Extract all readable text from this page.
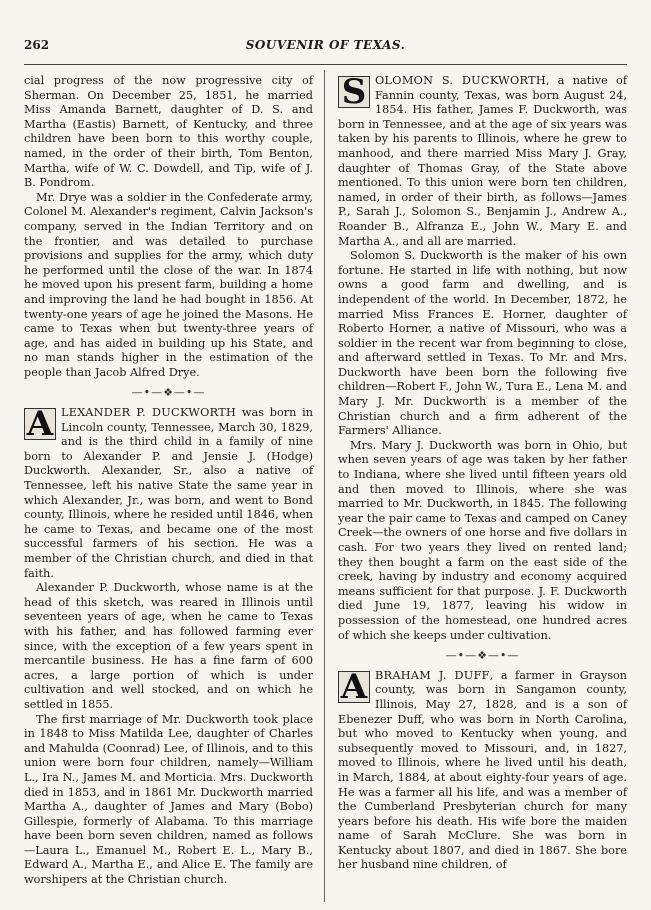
262	SOUVENIR OF TEXAS.

cial progress of the now progressive city of Sherman. On December 25, 1851, he married Miss Amanda Barnett, daughter of D. S. and Martha (Eastis) Barnett, of Kentucky, and three children have been born to this worthy couple, named, in the order of their birth, Tom Benton, Martha, wife of W. C. Dowdell, and Tip, wife of J. B. Pondrom.

Mr. Drye was a soldier in the Confederate army, Colonel M. Alexander's regiment, Calvin Jackson's company, served in the Indian Territory and on the frontier, and was detailed to purchase provisions and supplies for the army, which duty he performed until the close of the war. In 1874 he moved upon his present farm, building a home and improving the land he had bought in 1856. At twenty-one years of age he joined the Masons. He came to Texas when but twenty-three years of age, and has aided in building up his State, and no man stands higher in the estimation of the people than Jacob Alfred Drye.

—•—❖—•—

A LEXANDER P. DUCKWORTH was born in Lincoln county, Tennessee, March 30, 1829, and is the third child in a family of nine born to Alexander P. and Jensie J. (Hodge) Duckworth. Alexander, Sr., also a native of Tennessee, left his native State the same year in which Alexander, Jr., was born, and went to Bond county, Illinois, where he resided until 1846, when he came to Texas, and became one of the most successful farmers of his section. He was a member of the Christian church, and died in that faith.

Alexander P. Duckworth, whose name is at the head of this sketch, was reared in Illinois until seventeen years of age, when he came to Texas with his father, and has followed farming ever since, with the exception of a few years spent in mercantile business. He has a fine farm of 600 acres, a large portion of which is under cultivation and well stocked, and on which he settled in 1855.

The first marriage of Mr. Duckworth took place in 1848 to Miss Matilda Lee, daughter of Charles and Mahulda (Coonrad) Lee, of Illinois, and to this union were born four children, namely—William L., Ira N., James M. and Morticia. Mrs. Duckworth died in 1853, and in 1861 Mr. Duckworth married Martha A., daughter of James and Mary (Bobo) Gillespie, formerly of Alabama. To this marriage have been born seven children, named as follows—Laura L., Emanuel M., Robert E. L., Mary B., Edward A., Martha E., and Alice E. The family are worshipers at the Christian church.

S OLOMON S. DUCKWORTH, a native of Fannin county, Texas, was born August 24, 1854. His father, James F. Duckworth, was born in Tennessee, and at the age of six years was taken by his parents to Illinois, where he grew to manhood, and there married Miss Mary J. Gray, daughter of Thomas Gray, of the State above mentioned. To this union were born ten children, named, in order of their birth, as follows—James P., Sarah J., Solomon S., Benjamin J., Andrew A., Roander B., Alfranza E., John W., Mary E. and Martha A., and all are married.

Solomon S. Duckworth is the maker of his own fortune. He started in life with nothing, but now owns a good farm and dwelling, and is independent of the world. In December, 1872, he married Miss Frances E. Horner, daughter of Roberto Horner, a native of Missouri, who was a soldier in the recent war from beginning to close, and afterward settled in Texas. To Mr. and Mrs. Duckworth have been born the following five children—Robert F., John W., Tura E., Lena M. and Mary J. Mr. Duckworth is a member of the Christian church and a firm adherent of the Farmers' Alliance.

Mrs. Mary J. Duckworth was born in Ohio, but when seven years of age was taken by her father to Indiana, where she lived until fifteen years old and then moved to Illinois, where she was married to Mr. Duckworth, in 1845. The following year the pair came to Texas and camped on Caney Creek—the owners of one horse and five dollars in cash. For two years they lived on rented land; they then bought a farm on the east side of the creek, having by industry and economy acquired means sufficient for that purpose. J. F. Duckworth died June 19, 1877, leaving his widow in possession of the homestead, one hundred acres of which she keeps under cultivation.

—•—❖—•—

A BRAHAM J. DUFF, a farmer in Grayson county, was born in Sangamon county, Illinois, May 27, 1828, and is a son of Ebenezer Duff, who was born in North Carolina, but who moved to Kentucky when young, and subsequently moved to Missouri, and, in 1827, moved to Illinois, where he lived until his death, in March, 1884, at about eighty-four years of age. He was a farmer all his life, and was a member of the Cumberland Presbyterian church for many years before his death. His wife bore the maiden name of Sarah McClure. She was born in Kentucky about 1807, and died in 1867. She bore her husband nine children, of
